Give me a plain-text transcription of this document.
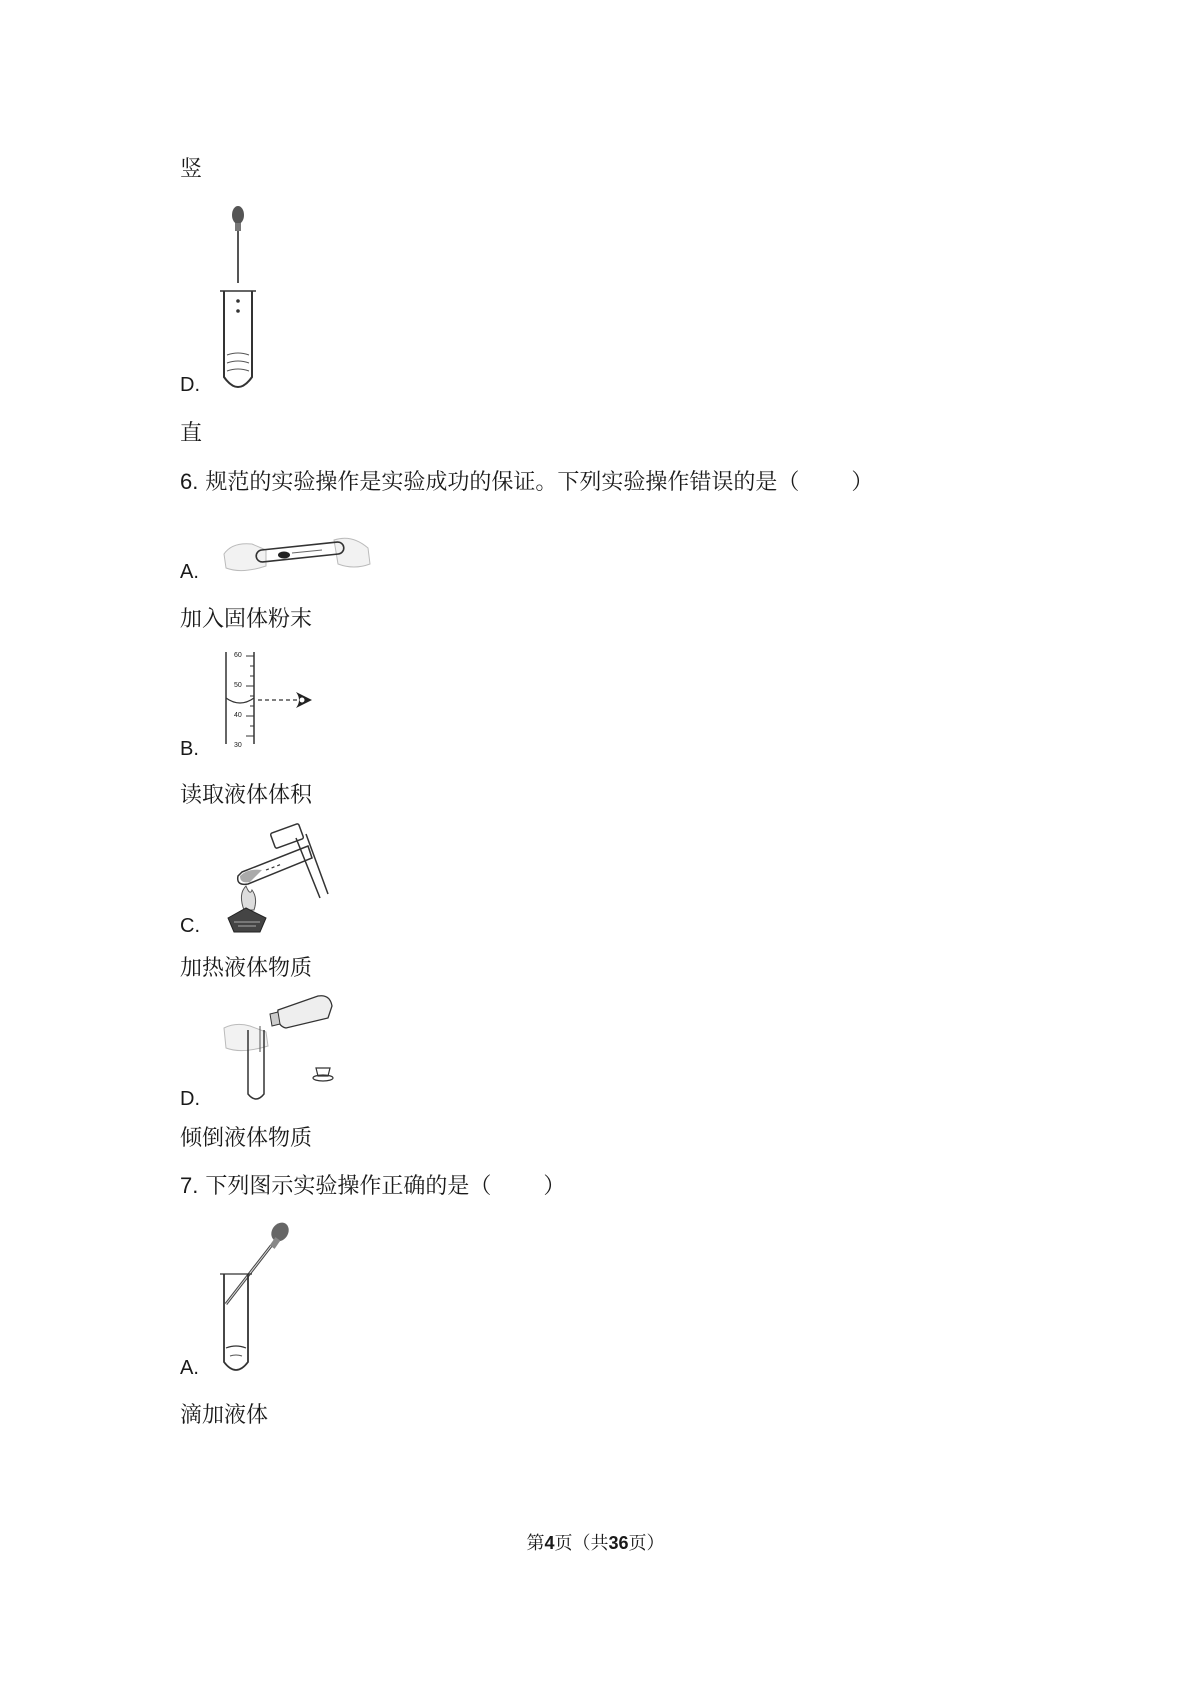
竖
D.
直
6. 规范的实验操作是实验成功的保证。下列实验操作错误的是（ ）
A.
加入固体粉末
60
50
40
30
B.
读取液体体积
C.
加热液体物质
D.
倾倒液体物质
7. 下列图示实验操作正确的是（ ）
A.
滴加液体
第4页（共36页）
